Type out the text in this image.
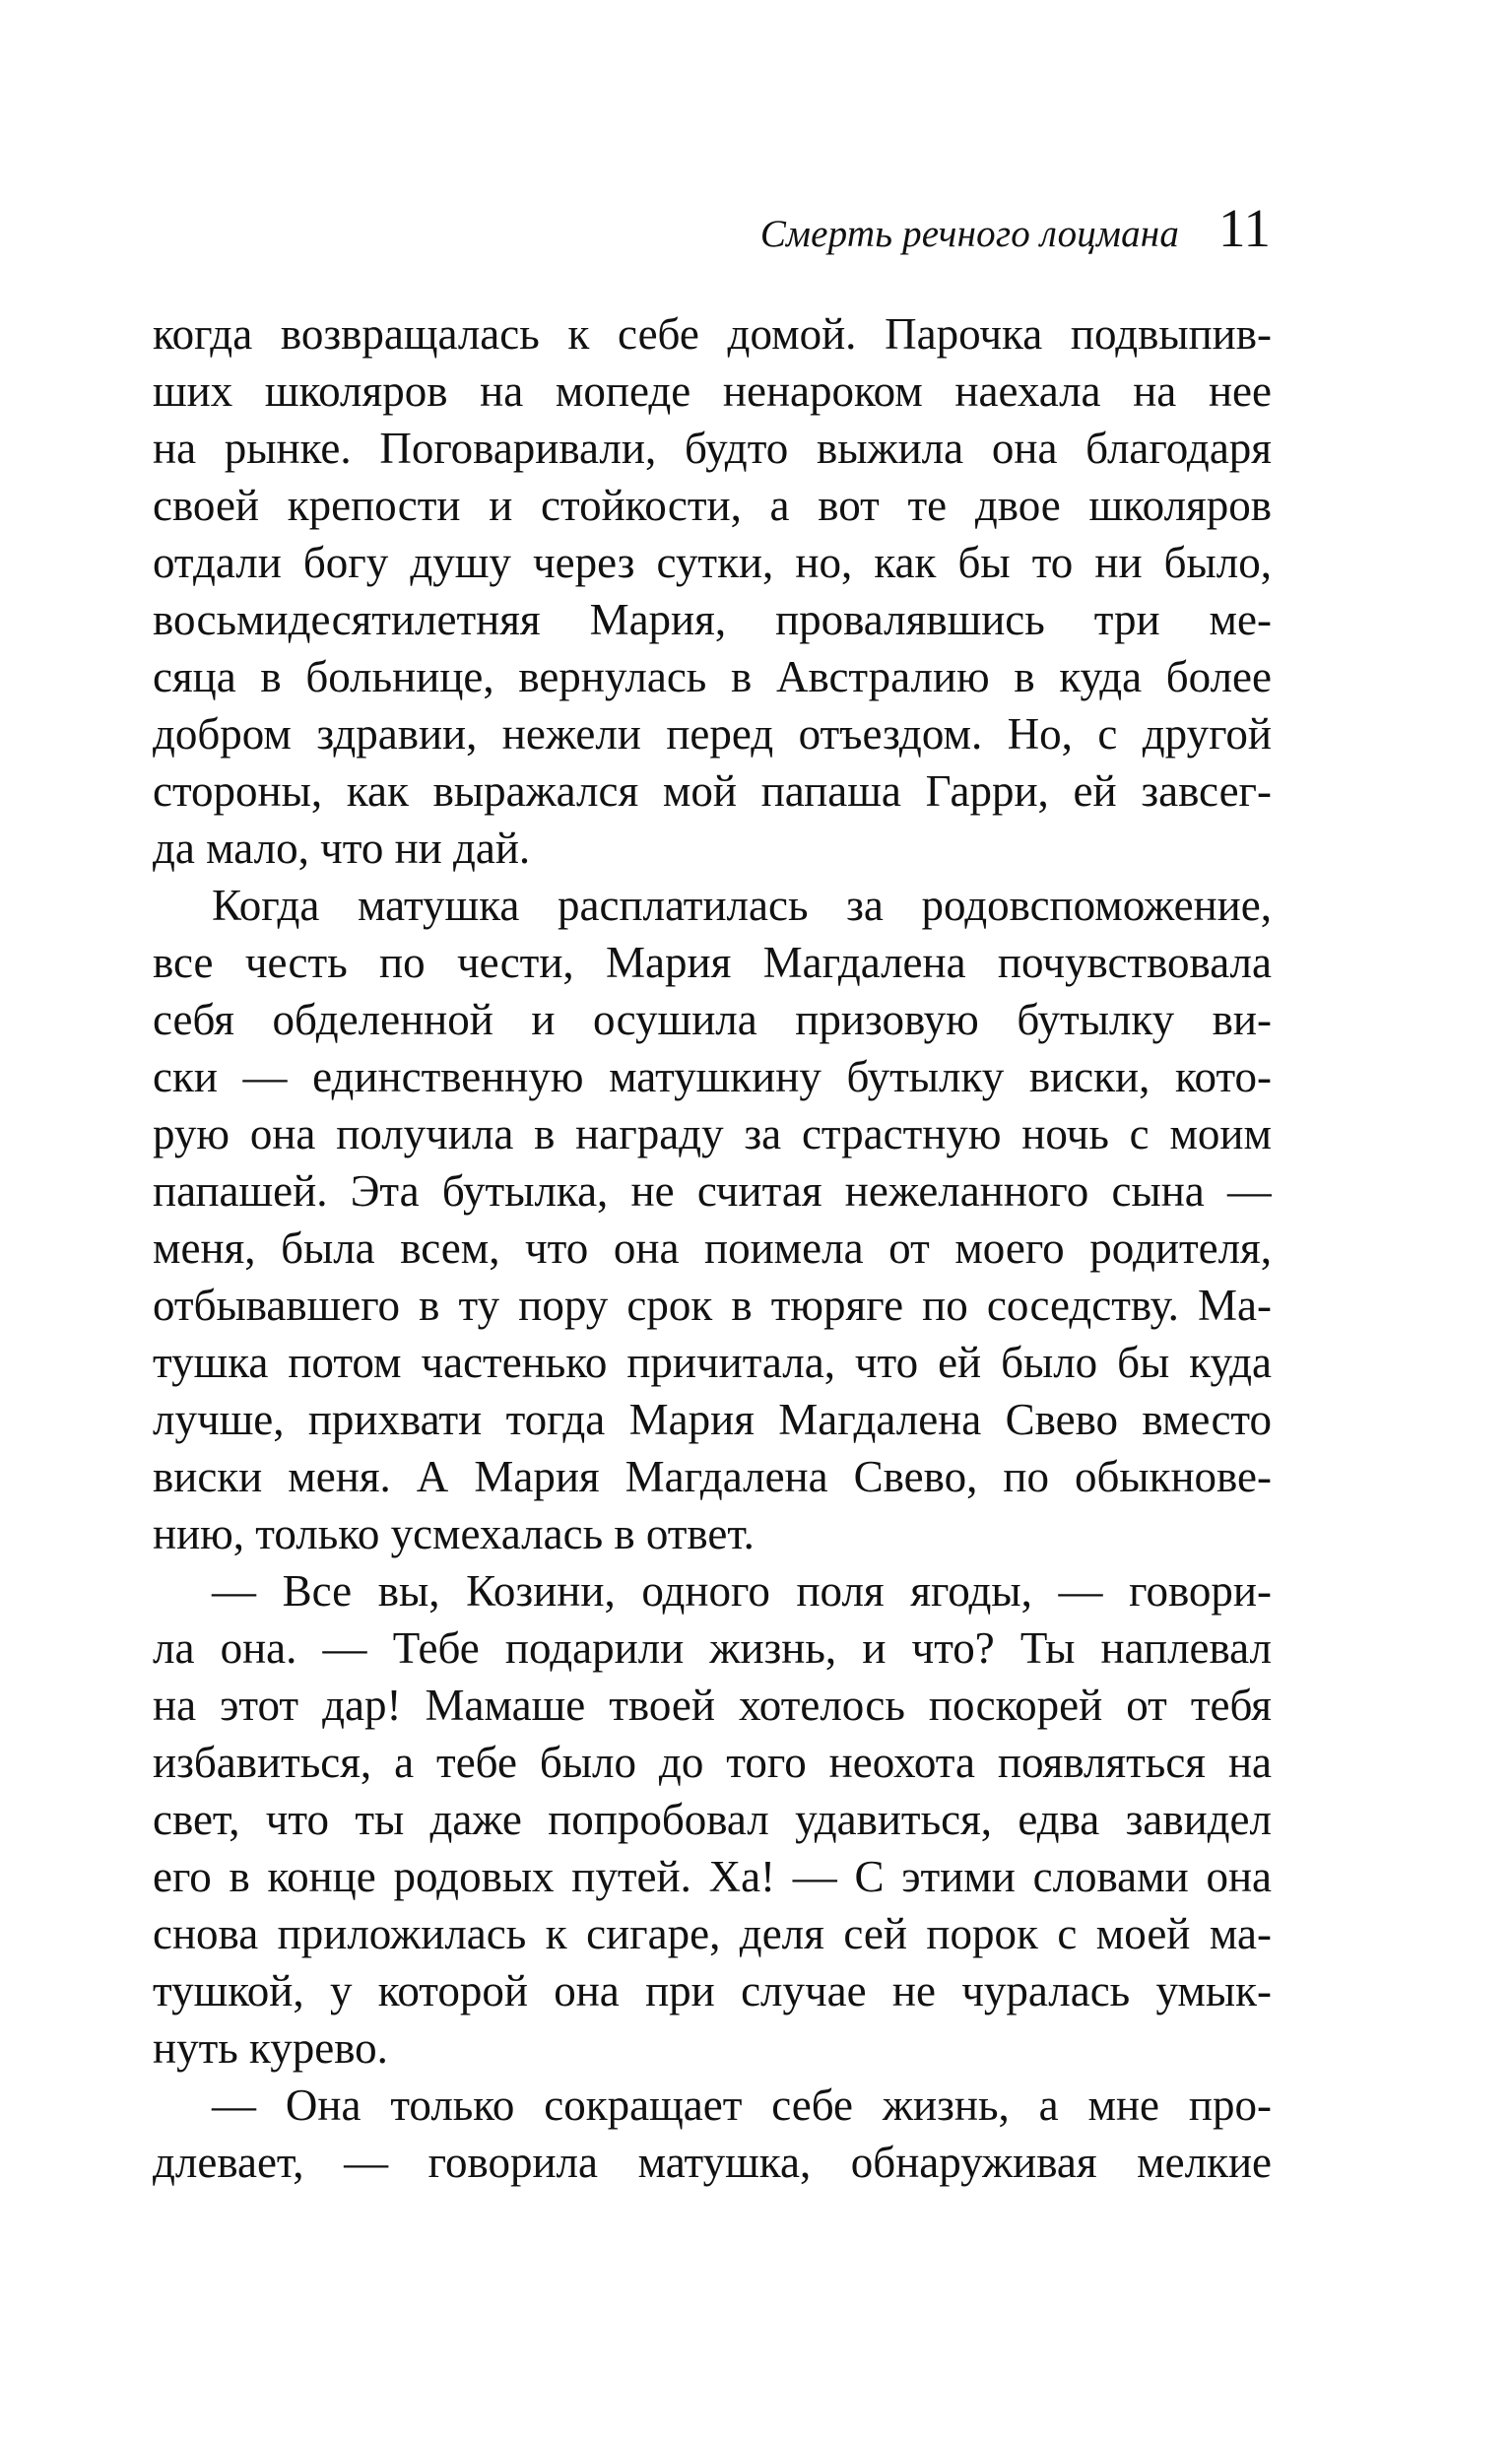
Смерть речного лоцмана 11
когда возвращалась к себе домой. Парочка подвыпив-
ших школяров на мопеде ненароком наехала на нее
на рынке. Поговаривали, будто выжила она благодаря
своей крепости и стойкости, а вот те двое школяров
отдали богу душу через сутки, но, как бы то ни было,
восьмидесятилетняя Мария, провалявшись три ме-
сяца в больнице, вернулась в Австралию в куда более
добром здравии, нежели перед отъездом. Но, с другой
стороны, как выражался мой папаша Гарри, ей завсег-
да мало, что ни дай.
Когда матушка расплатилась за родовспоможение,
все честь по чести, Мария Магдалена почувствовала
себя обделенной и осушила призовую бутылку ви-
ски — единственную матушкину бутылку виски, кото-
рую она получила в награду за страстную ночь с моим
папашей. Эта бутылка, не считая нежеланного сына —
меня, была всем, что она поимела от моего родителя,
отбывавшего в ту пору срок в тюряге по соседству. Ма-
тушка потом частенько причитала, что ей было бы куда
лучше, прихвати тогда Мария Магдалена Свево вместо
виски меня. А Мария Магдалена Свево, по обыкнове-
нию, только усмехалась в ответ.
— Все вы, Козини, одного поля ягоды, — говори-
ла она. — Тебе подарили жизнь, и что? Ты наплевал
на этот дар! Мамаше твоей хотелось поскорей от тебя
избавиться, а тебе было до того неохота появляться на
свет, что ты даже попробовал удавиться, едва завидел
его в конце родовых путей. Ха! — С этими словами она
снова приложилась к сигаре, деля сей порок с моей ма-
тушкой, у которой она при случае не чуралась умык-
нуть курево.
— Она только сокращает себе жизнь, а мне про-
длевает, — говорила матушка, обнаруживая мелкие
